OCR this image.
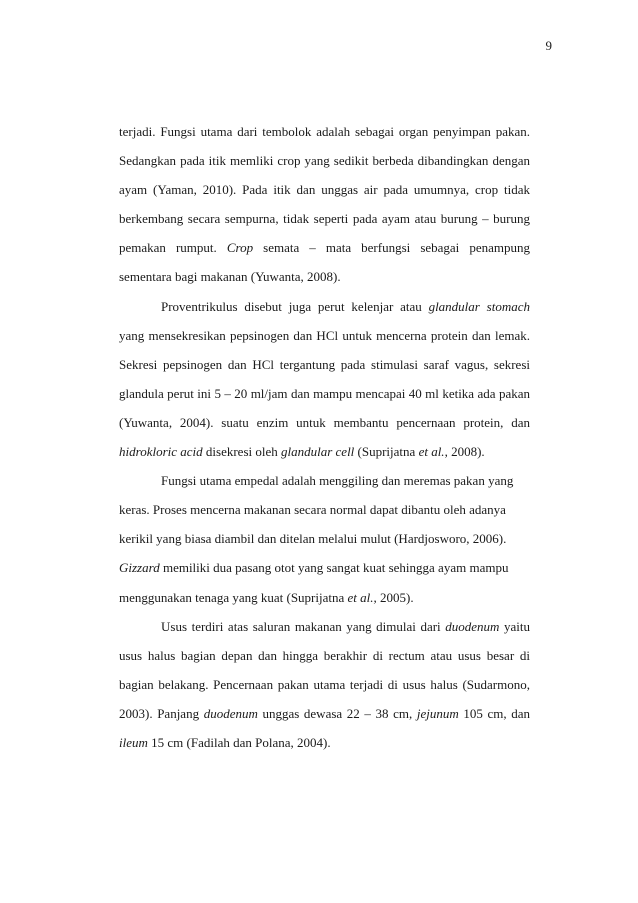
9

terjadi. Fungsi utama dari tembolok adalah sebagai organ penyimpan pakan. Sedangkan pada itik memliki crop yang sedikit berbeda dibandingkan dengan ayam (Yaman, 2010). Pada itik dan unggas air pada umumnya, crop tidak berkembang secara sempurna, tidak seperti pada ayam atau burung – burung pemakan rumput. Crop semata – mata berfungsi sebagai penampung sementara bagi makanan (Yuwanta, 2008).

Proventrikulus disebut juga perut kelenjar atau glandular stomach yang mensekresikan pepsinogen dan HCl untuk mencerna protein dan lemak. Sekresi pepsinogen dan HCl tergantung pada stimulasi saraf vagus, sekresi glandula perut ini 5 – 20 ml/jam dan mampu mencapai 40 ml ketika ada pakan (Yuwanta, 2004). suatu enzim untuk membantu pencernaan protein, dan hidrokloric acid disekresi oleh glandular cell (Suprijatna et al., 2008).

Fungsi utama empedal adalah menggiling dan meremas pakan yang keras. Proses mencerna makanan secara normal dapat dibantu oleh adanya kerikil yang biasa diambil dan ditelan melalui mulut (Hardjosworo, 2006). Gizzard memiliki dua pasang otot yang sangat kuat sehingga ayam mampu menggunakan tenaga yang kuat (Suprijatna et al., 2005).

Usus terdiri atas saluran makanan yang dimulai dari duodenum yaitu usus halus bagian depan dan hingga berakhir di rectum atau usus besar di bagian belakang. Pencernaan pakan utama terjadi di usus halus (Sudarmono, 2003). Panjang duodenum unggas dewasa 22 – 38 cm, jejunum 105 cm, dan ileum 15 cm (Fadilah dan Polana, 2004).
